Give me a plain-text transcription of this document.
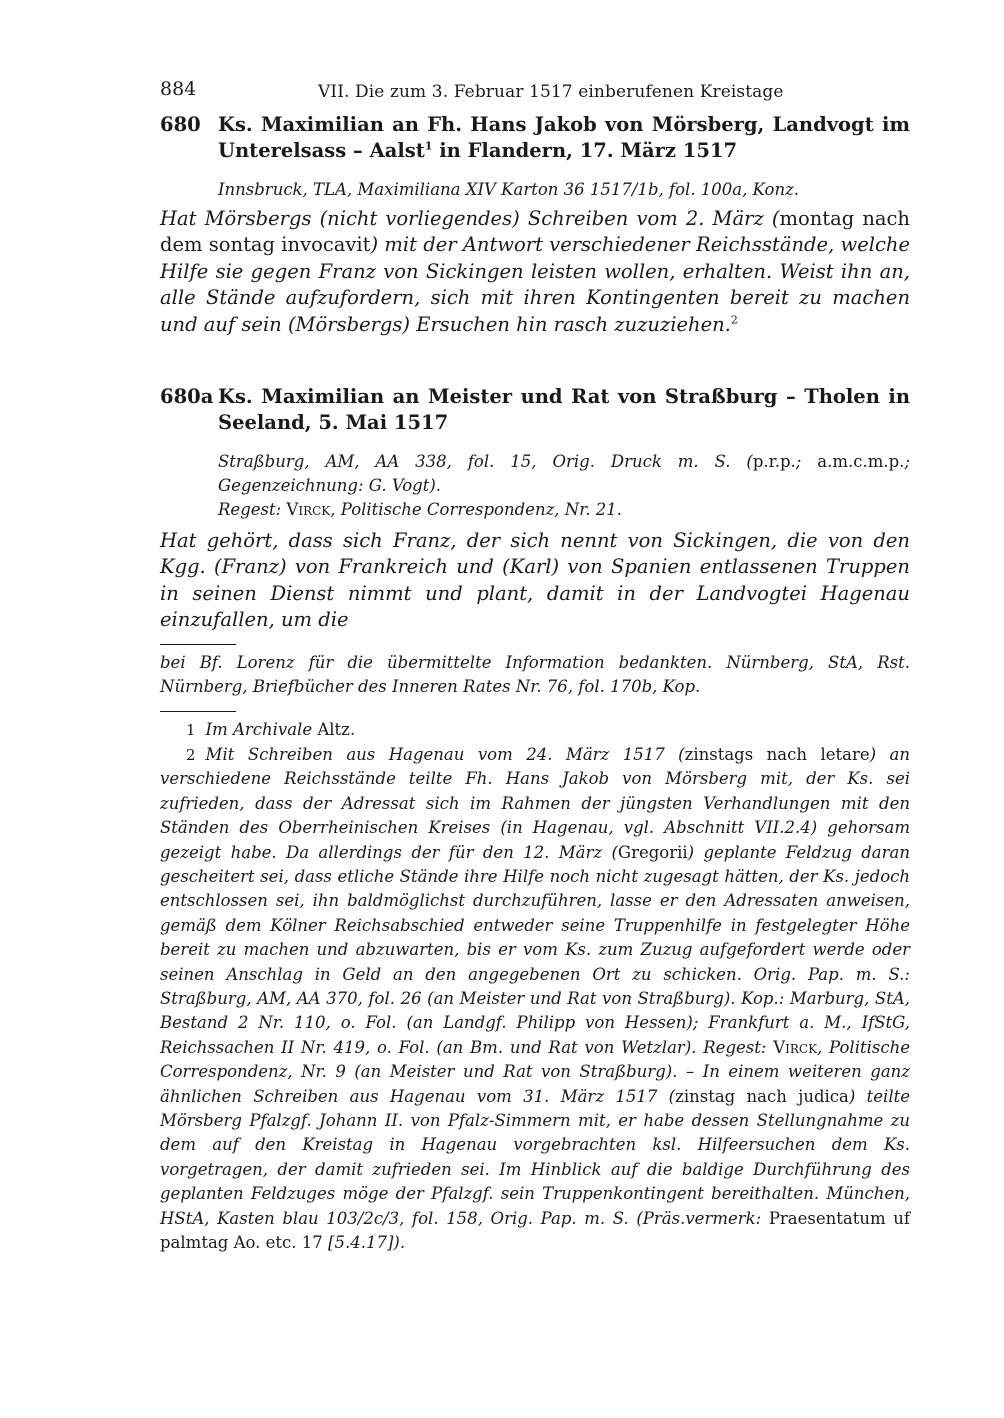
884	VII. Die zum 3. Februar 1517 einberufenen Kreistage
680 Ks. Maximilian an Fh. Hans Jakob von Mörsberg, Landvogt im Unterelsass – Aalst$^1$ in Flandern, 17. März 1517
Innsbruck, TLA, Maximiliana XIV Karton 36 1517/1b, fol. 100a, Konz.
Hat Mörsbergs (nicht vorliegendes) Schreiben vom 2. März (montag nach dem sontag invocavit) mit der Antwort verschiedener Reichsstände, welche Hilfe sie gegen Franz von Sickingen leisten wollen, erhalten. Weist ihn an, alle Stände aufzufordern, sich mit ihren Kontingenten bereit zu machen und auf sein (Mörsbergs) Ersuchen hin rasch zuzuziehen.$^2$
680a Ks. Maximilian an Meister und Rat von Straßburg – Tholen in Seeland, 5. Mai 1517
Straßburg, AM, AA 338, fol. 15, Orig. Druck m. S. (p.r.p.; a.m.c.m.p.; Gegenzeichnung: G. Vogt).
Regest: Virck, Politische Correspondenz, Nr. 21.
Hat gehört, dass sich Franz, der sich nennt von Sickingen, die von den Kgg. (Franz) von Frankreich und (Karl) von Spanien entlassenen Truppen in seinen Dienst nimmt und plant, damit in der Landvogtei Hagenau einzufallen, um die
bei Bf. Lorenz für die übermittelte Information bedankten. Nürnberg, StA, Rst. Nürnberg, Briefbücher des Inneren Rates Nr. 76, fol. 170b, Kop.
1 Im Archivale Altz.
2 Mit Schreiben aus Hagenau vom 24. März 1517 (zinstags nach letare) an verschiedene Reichsstände teilte Fh. Hans Jakob von Mörsberg mit, der Ks. sei zufrieden, dass der Adressat sich im Rahmen der jüngsten Verhandlungen mit den Ständen des Oberrheinischen Kreises (in Hagenau, vgl. Abschnitt VII.2.4) gehorsam gezeigt habe. Da allerdings der für den 12. März (Gregorii) geplante Feldzug daran gescheitert sei, dass etliche Stände ihre Hilfe noch nicht zugesagt hätten, der Ks. jedoch entschlossen sei, ihn baldmöglichst durchzuführen, lasse er den Adressaten anweisen, gemäß dem Kölner Reichsabschied entweder seine Truppenhilfe in festgelegter Höhe bereit zu machen und abzuwarten, bis er vom Ks. zum Zuzug aufgefordert werde oder seinen Anschlag in Geld an den angegebenen Ort zu schicken. Orig. Pap. m. S.: Straßburg, AM, AA 370, fol. 26 (an Meister und Rat von Straßburg). Kop.: Marburg, StA, Bestand 2 Nr. 110, o. Fol. (an Landgf. Philipp von Hessen); Frankfurt a. M., IfStG, Reichssachen II Nr. 419, o. Fol. (an Bm. und Rat von Wetzlar). Regest: Virck, Politische Correspondenz, Nr. 9 (an Meister und Rat von Straßburg). – In einem weiteren ganz ähnlichen Schreiben aus Hagenau vom 31. März 1517 (zinstag nach judica) teilte Mörsberg Pfalzgf. Johann II. von Pfalz-Simmern mit, er habe dessen Stellungnahme zu dem auf den Kreistag in Hagenau vorgebrachten ksl. Hilfeersuchen dem Ks. vorgetragen, der damit zufrieden sei. Im Hinblick auf die baldige Durchführung des geplanten Feldzuges möge der Pfalzgf. sein Truppenkontingent bereithalten. München, HStA, Kasten blau 103/2c/3, fol. 158, Orig. Pap. m. S. (Präs.vermerk: Praesentatum uf palmtag Ao. etc. 17 [5.4.17]).
